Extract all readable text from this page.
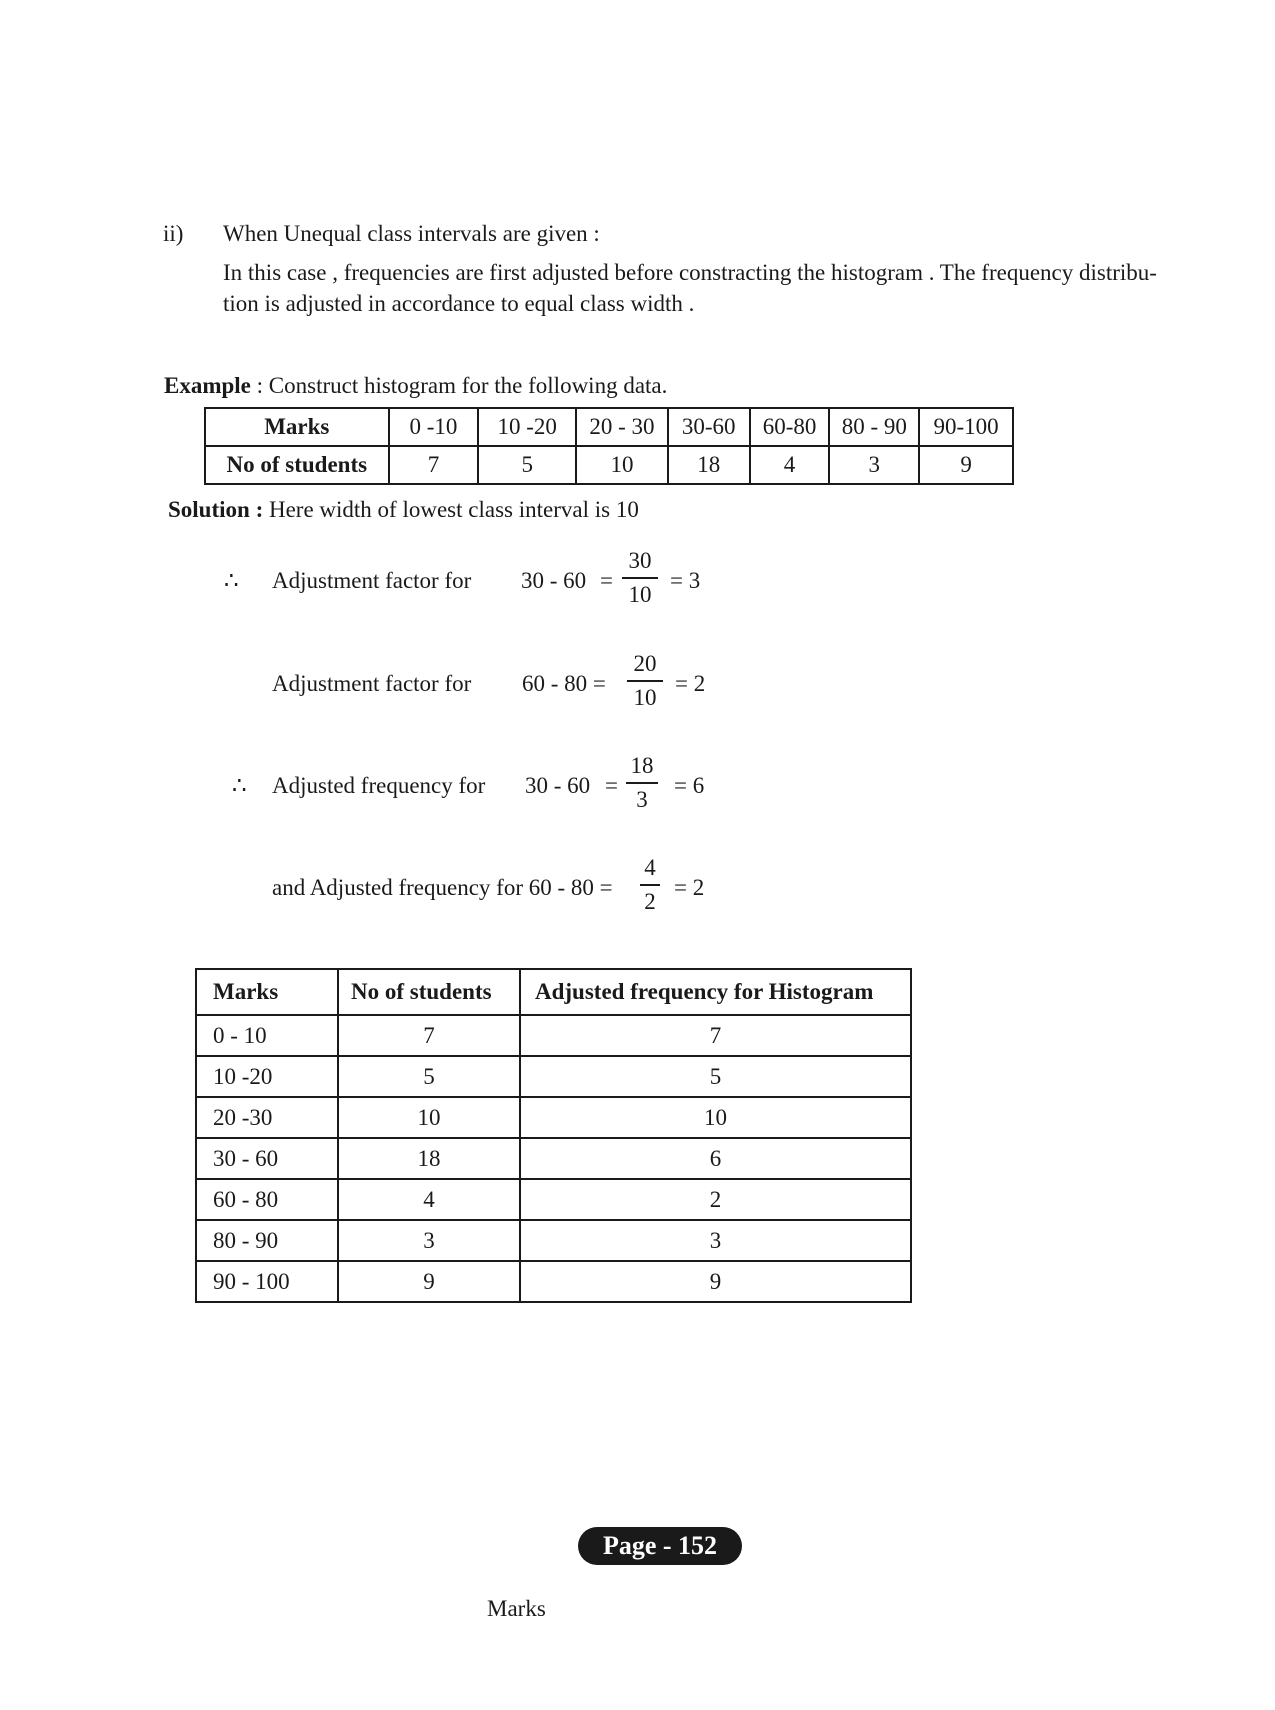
ii) When Unequal class intervals are given :
In this case , frequencies are first adjusted before constracting the histogram . The frequency distribu-
tion is adjusted in accordance to equal class width .
Example : Construct histogram for the following data.
Marks	0 -10	10 -20	20 - 30	30-60	60-80	80 - 90	90-100
No of students	7	5	10	18	4	3	9
Solution : Here width of lowest class interval is 10
∴ Adjustment factor for 30 - 60 =
30
10
= 3
Adjustment factor for 60 - 80 =
20
10
= 2
∴ Adjusted frequency for 30 - 60 =
18
3
= 6
and Adjusted frequency for 60 - 80 =
4
2
= 2
Marks	No of students	Adjusted frequency for Histogram
0 - 10	7	7
10 -20	5	5
20 -30	10	10
30 - 60	18	6
60 - 80	4	2
80 - 90	3	3
90 - 100	9	9
Page - 152
Marks
